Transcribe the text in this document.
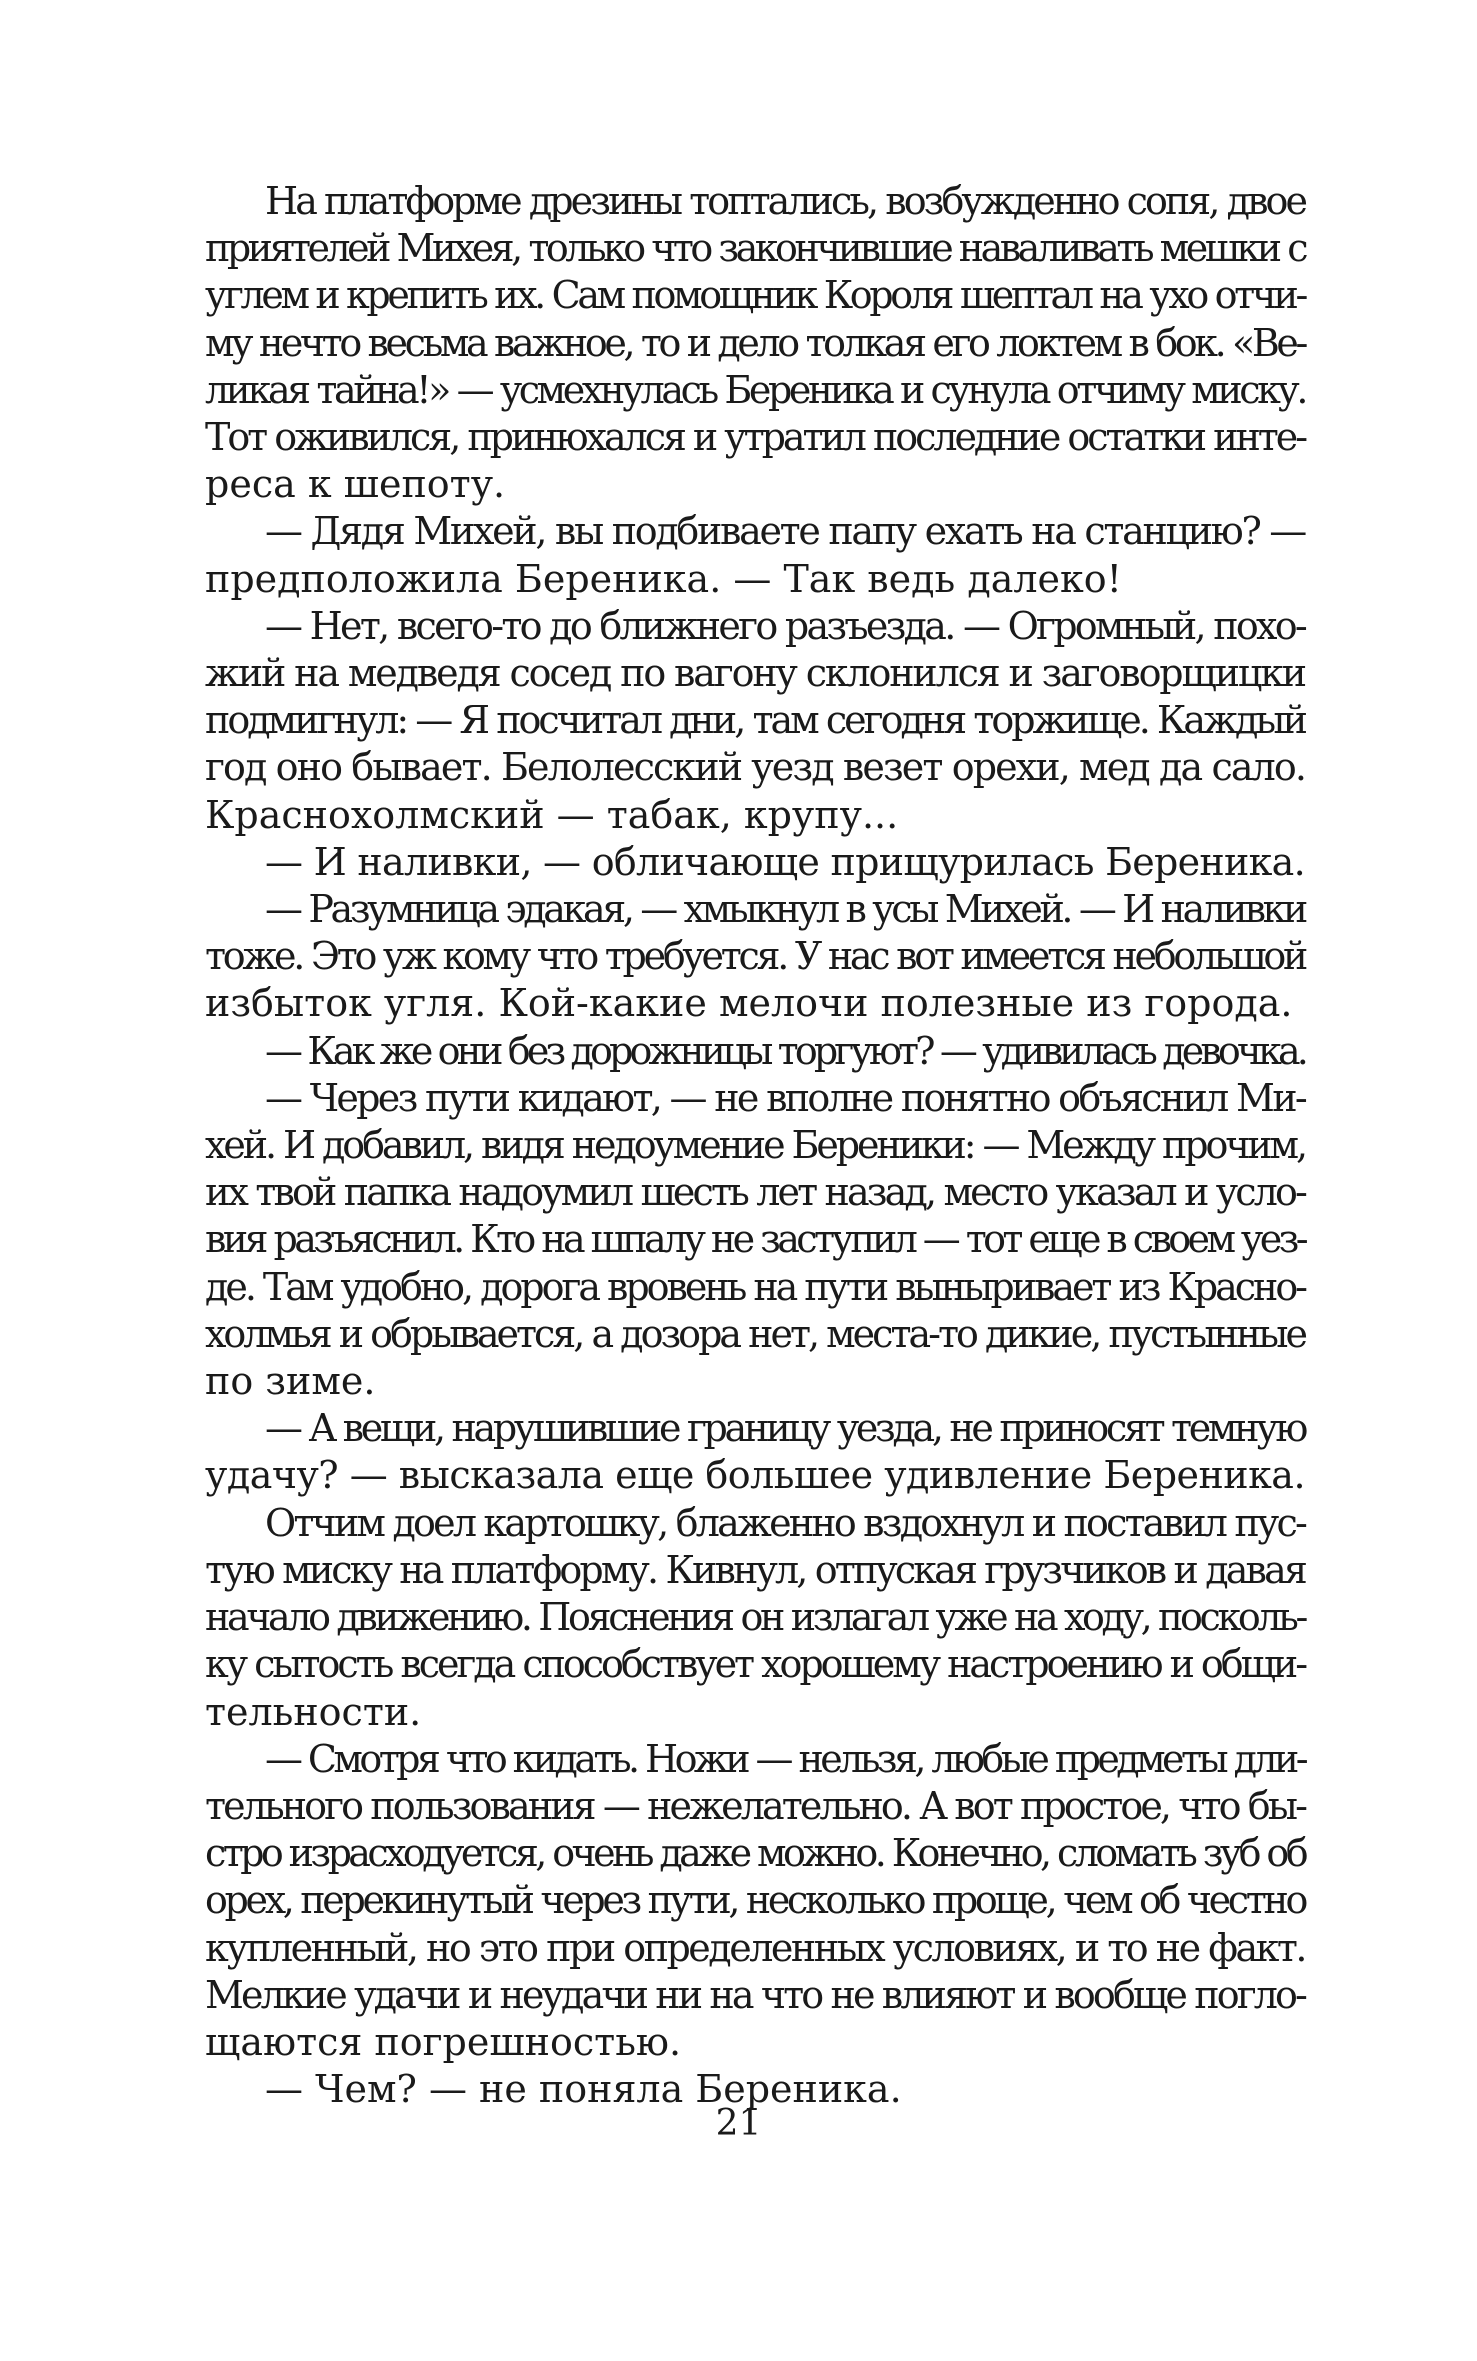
На платформе дрезины топтались, возбужденно сопя, двое
приятелей Михея, только что закончившие наваливать мешки с
углем и крепить их. Сам помощник Короля шептал на ухо отчи-
му нечто весьма важное, то и дело толкая его локтем в бок. «Ве-
ликая тайна!» — усмехнулась Береника и сунула отчиму миску.
Тот оживился, принюхался и утратил последние остатки инте-
реса к шепоту.
— Дядя Михей, вы подбиваете папу ехать на станцию? —
предположила Береника. — Так ведь далеко!
— Нет, всего-то до ближнего разъезда. — Огромный, похо-
жий на медведя сосед по вагону склонился и заговорщицки
подмигнул: — Я посчитал дни, там сегодня торжище. Каждый
год оно бывает. Белолесский уезд везет орехи, мед да сало.
Краснохолмский — табак, крупу...
— И наливки, — обличающе прищурилась Береника.
— Разумница эдакая, — хмыкнул в усы Михей. — И наливки
тоже. Это уж кому что требуется. У нас вот имеется небольшой
избыток угля. Кой-какие мелочи полезные из города.
— Как же они без дорожницы торгуют? — удивилась девочка.
— Через пути кидают, — не вполне понятно объяснил Ми-
хей. И добавил, видя недоумение Береники: — Между прочим,
их твой папка надоумил шесть лет назад, место указал и усло-
вия разъяснил. Кто на шпалу не заступил — тот еще в своем уез-
де. Там удобно, дорога вровень на пути выныривает из Красно-
холмья и обрывается, а дозора нет, места-то дикие, пустынные
по зиме.
— А вещи, нарушившие границу уезда, не приносят темную
удачу? — высказала еще большее удивление Береника.
Отчим доел картошку, блаженно вздохнул и поставил пус-
тую миску на платформу. Кивнул, отпуская грузчиков и давая
начало движению. Пояснения он излагал уже на ходу, посколь-
ку сытость всегда способствует хорошему настроению и общи-
тельности.
— Смотря что кидать. Ножи — нельзя, любые предметы дли-
тельного пользования — нежелательно. А вот простое, что бы-
стро израсходуется, очень даже можно. Конечно, сломать зуб об
орех, перекинутый через пути, несколько проще, чем об честно
купленный, но это при определенных условиях, и то не факт.
Мелкие удачи и неудачи ни на что не влияют и вообще погло-
щаются погрешностью.
— Чем? — не поняла Береника.
21
